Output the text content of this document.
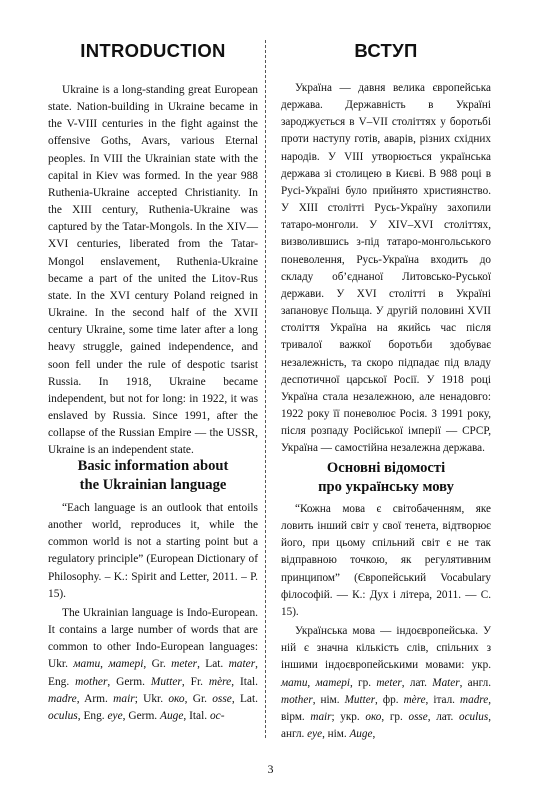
INTRODUCTION

Ukraine is a long-standing great European state. Nation-building in Ukraine became in the V-VIII centuries in the fight against the offensive Goths, Avars, various Eternal peoples. In VIII the Ukrainian state with the capital in Kiev was formed. In the year 988 Ruthenia-Ukraine accepted Christianity. In the XIII century, Ruthenia-Ukraine was captured by the Tatar-Mongols. In the XIV—XVI centuries, liberated from the Tatar-Mongol enslavement, Ruthenia-Ukraine became a part of the united the Litov-Rus state. In the XVI century Poland reigned in Ukraine. In the second half of the XVII century Ukraine, some time later after a long heavy struggle, gained independence, and soon fell under the rule of despotic tsarist Russia. In 1918, Ukraine became independent, but not for long: in 1922, it was enslaved by Russia. Since 1991, after the collapse of the Russian Empire — the USSR, Ukraine is an independent state.

Basic information about
the Ukrainian language

“Each language is an outlook that entoils another world, reproduces it, while the common world is not a starting point but a regulatory principle” (European Dictionary of Philosophy. – K.: Spirit and Letter, 2011. – P. 15).

The Ukrainian language is Indo-European. It contains a large number of words that are common to other Indo-European languages: Ukr. мати, матері, Gr. meter, Lat. mater, Eng. mother, Germ. Mutter, Fr. mère, Ital. madre, Arm. mair; Ukr. око, Gr. osse, Lat. oculus, Eng. eye, Germ. Auge, Ital. oc-

ВСТУП

Україна — давня велика європейська держава. Державність в Україні зароджується в V–VII століттях у боротьбі проти наступу готів, аварів, різних східних народів. У VIII утворюється українська держава зі столицею в Києві. В 988 році в Русі-Україні було прийнято християнство. У XIII столітті Русь-Україну захопили татаро-монголи. У XIV–XVI століттях, визволившись з-під татаро-монгольського поневолення, Русь-Україна входить до складу об’єднаної Литовсько-Руської держави. У XVI столітті в Україні запановує Польща. У другій половині XVII століття Україна на якийсь час після тривалої важкої боротьби здобуває незалежність, та скоро підпадає під владу деспотичної царської Росії. У 1918 році Україна стала незалежною, але ненадовго: 1922 року її поневолює Росія. З 1991 року, після розпаду Російської імперії — СРСР, Україна — самостійна незалежна держава.

Основні відомості
про українську мову

“Кожна мова є світобаченням, яке ловить інший світ у свої тенета, відтворює його, при цьому спільний світ є не так відправною точкою, як регулятивним принципом” (Європейський Vocabulary філософій. — К.: Дух і літера, 2011. — С. 15).

Українська мова — індоєвропейська. У ній є значна кількість слів, спільних з іншими індоєвропейськими мовами: укр. мати, матері, гр. meter, лат. Mater, англ. mother, нім. Mutter, фр. mère, італ. madre, вірм. mair; укр. око, гр. osse, лат. oculus, англ. eye, нім. Auge,

3
